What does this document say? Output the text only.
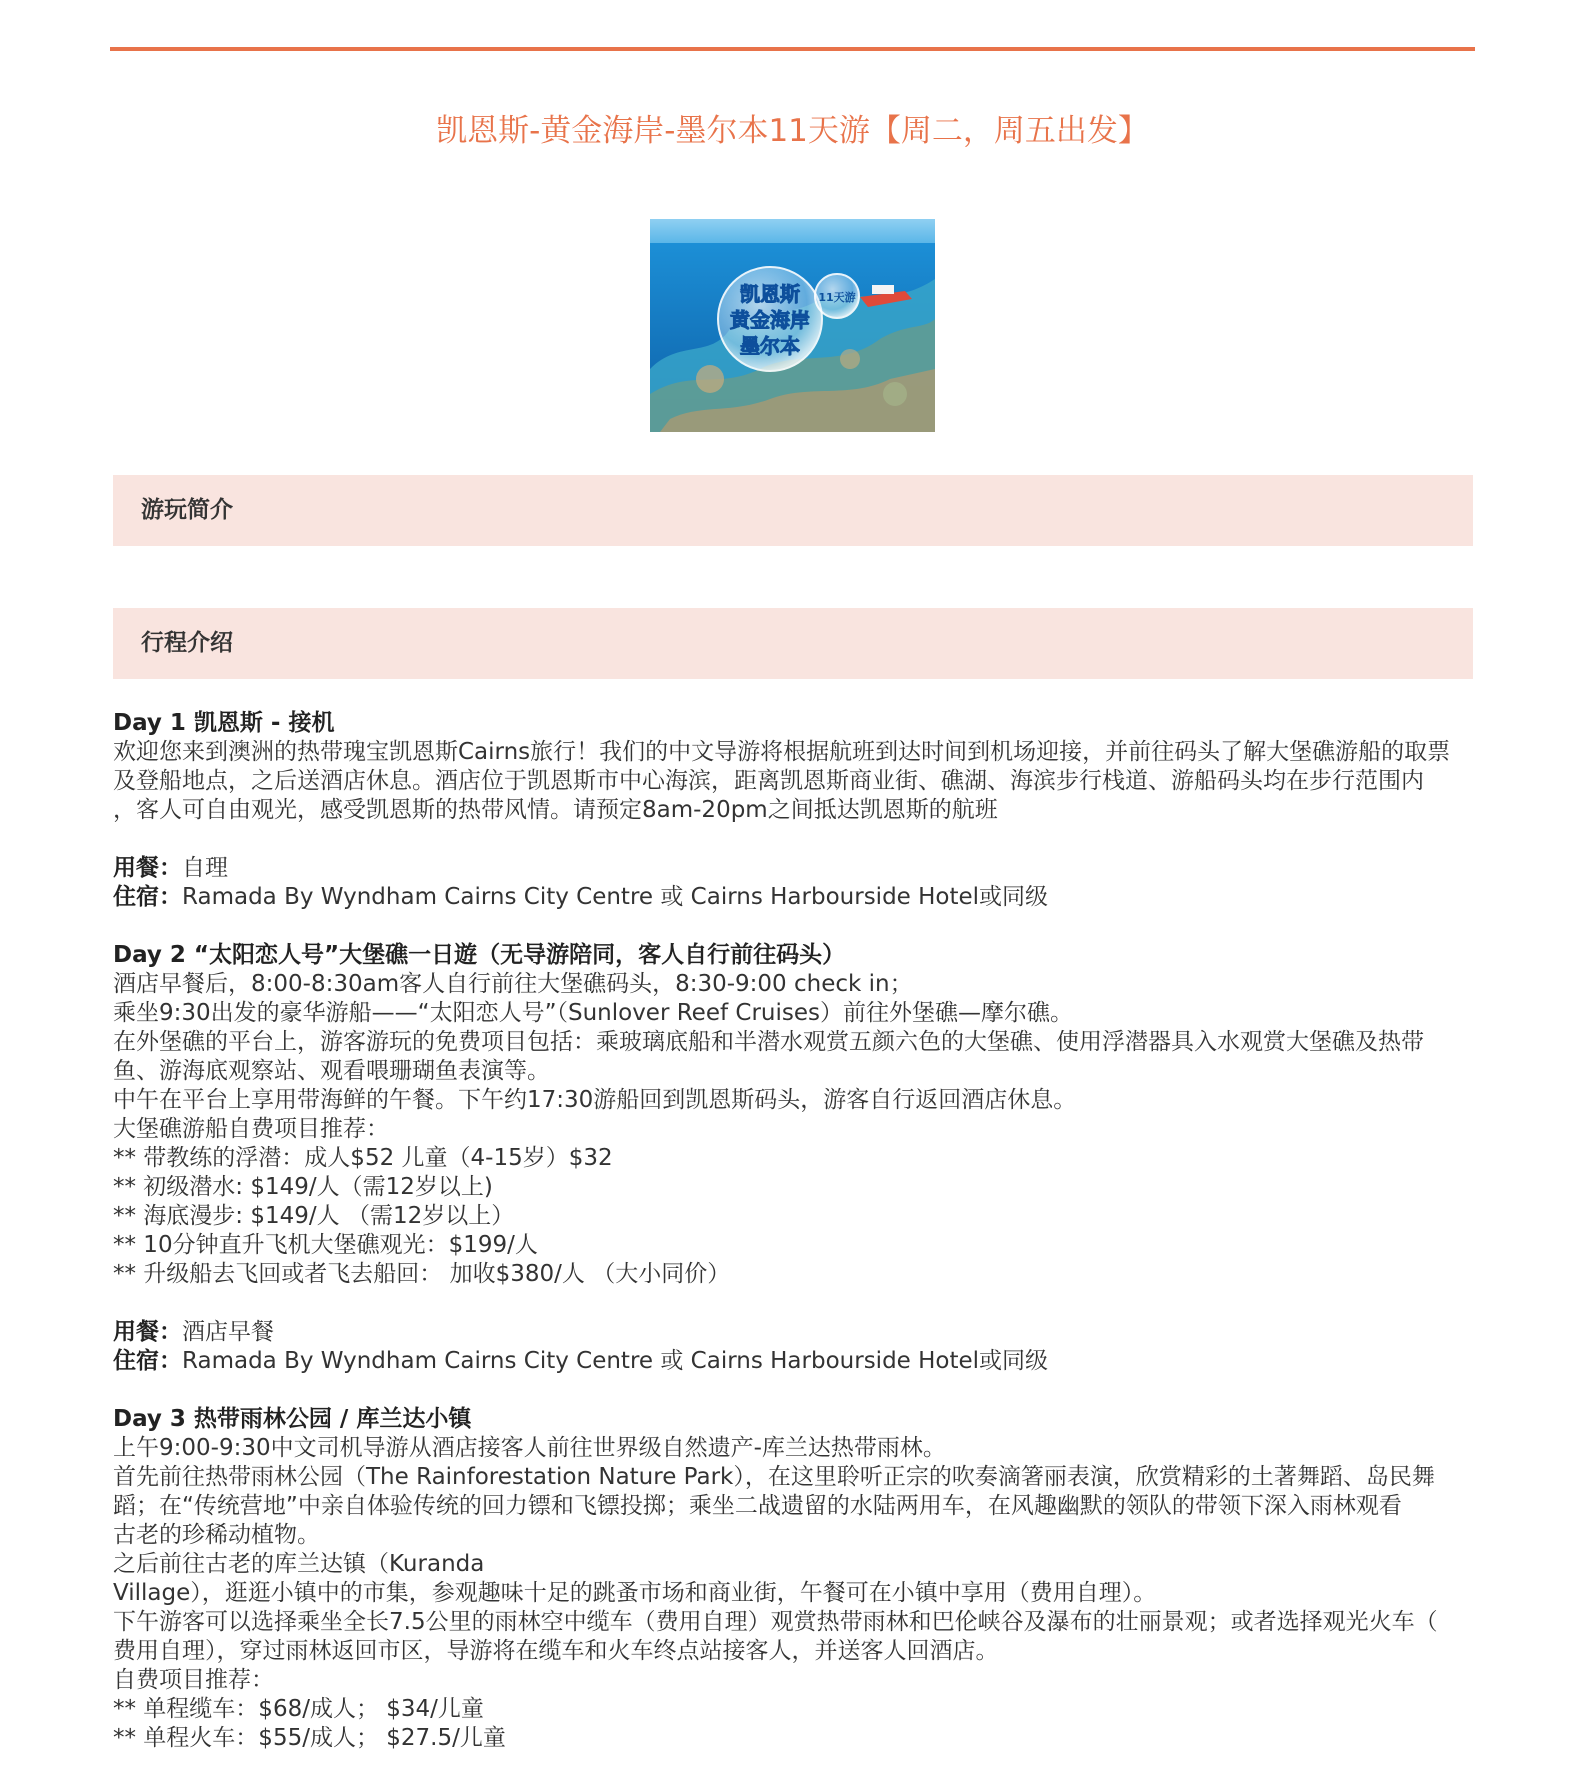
凯恩斯-黄金海岸-墨尔本11天游【周二，周五出发】
11天游
凯恩斯
黄金海岸
墨尔本
游玩简介
行程介绍
Day 1 凯恩斯 - 接机
欢迎您来到澳洲的热带瑰宝凯恩斯Cairns旅行！我们的中文导游将根据航班到达时间到机场迎接，并前往码头了解大堡礁游船的取票
及登船地点，之后送酒店休息。酒店位于凯恩斯市中心海滨，距离凯恩斯商业街、礁湖、海滨步行栈道、游船码头均在步行范围内
，客人可自由观光，感受凯恩斯的热带风情。请预定8am-20pm之间抵达凯恩斯的航班
用餐：自理
住宿：Ramada By Wyndham Cairns City Centre 或 Cairns Harbourside Hotel或同级
Day 2 “太阳恋人号”大堡礁一日遊（无导游陪同，客人自行前往码头）
酒店早餐后，8:00-8:30am客人自行前往大堡礁码头，8:30-9:00 check in；
乘坐9:30出发的豪华游船——“太阳恋人号”（Sunlover Reef Cruises）前往外堡礁—摩尔礁。
在外堡礁的平台上，游客游玩的免费项目包括：乘玻璃底船和半潜水观赏五颜六色的大堡礁、使用浮潜器具入水观赏大堡礁及热带
鱼、游海底观察站、观看喂珊瑚鱼表演等。
中午在平台上享用带海鲜的午餐。下午约17:30游船回到凯恩斯码头，游客自行返回酒店休息。
大堡礁游船自费项目推荐：
** 带教练的浮潜：成人$52 儿童（4-15岁）$32
** 初级潜水: $149/人（需12岁以上)
** 海底漫步: $149/人 （需12岁以上）
** 10分钟直升飞机大堡礁观光：$199/人
** 升级船去飞回或者飞去船回： 加收$380/人 （大小同价）
用餐：酒店早餐
住宿：Ramada By Wyndham Cairns City Centre 或 Cairns Harbourside Hotel或同级
Day 3 热带雨林公园 / 库兰达小镇
上午9:00-9:30中文司机导游从酒店接客人前往世界级自然遗产-库兰达热带雨林。
首先前往热带雨林公园（The Rainforestation Nature Park），在这里聆听正宗的吹奏滴箸丽表演，欣赏精彩的土著舞蹈、岛民舞
蹈；在“传统营地”中亲自体验传统的回力镖和飞镖投掷；乘坐二战遗留的水陆两用车，在风趣幽默的领队的带领下深入雨林观看
古老的珍稀动植物。
之后前往古老的库兰达镇（Kuranda
Village），逛逛小镇中的市集，参观趣味十足的跳蚤市场和商业街，午餐可在小镇中享用（费用自理）。
下午游客可以选择乘坐全长7.5公里的雨林空中缆车（费用自理）观赏热带雨林和巴伦峡谷及瀑布的壮丽景观；或者选择观光火车（
费用自理），穿过雨林返回市区，导游将在缆车和火车终点站接客人，并送客人回酒店。
自费项目推荐：
** 单程缆车：$68/成人； $34/儿童
** 单程火车：$55/成人； $27.5/儿童
